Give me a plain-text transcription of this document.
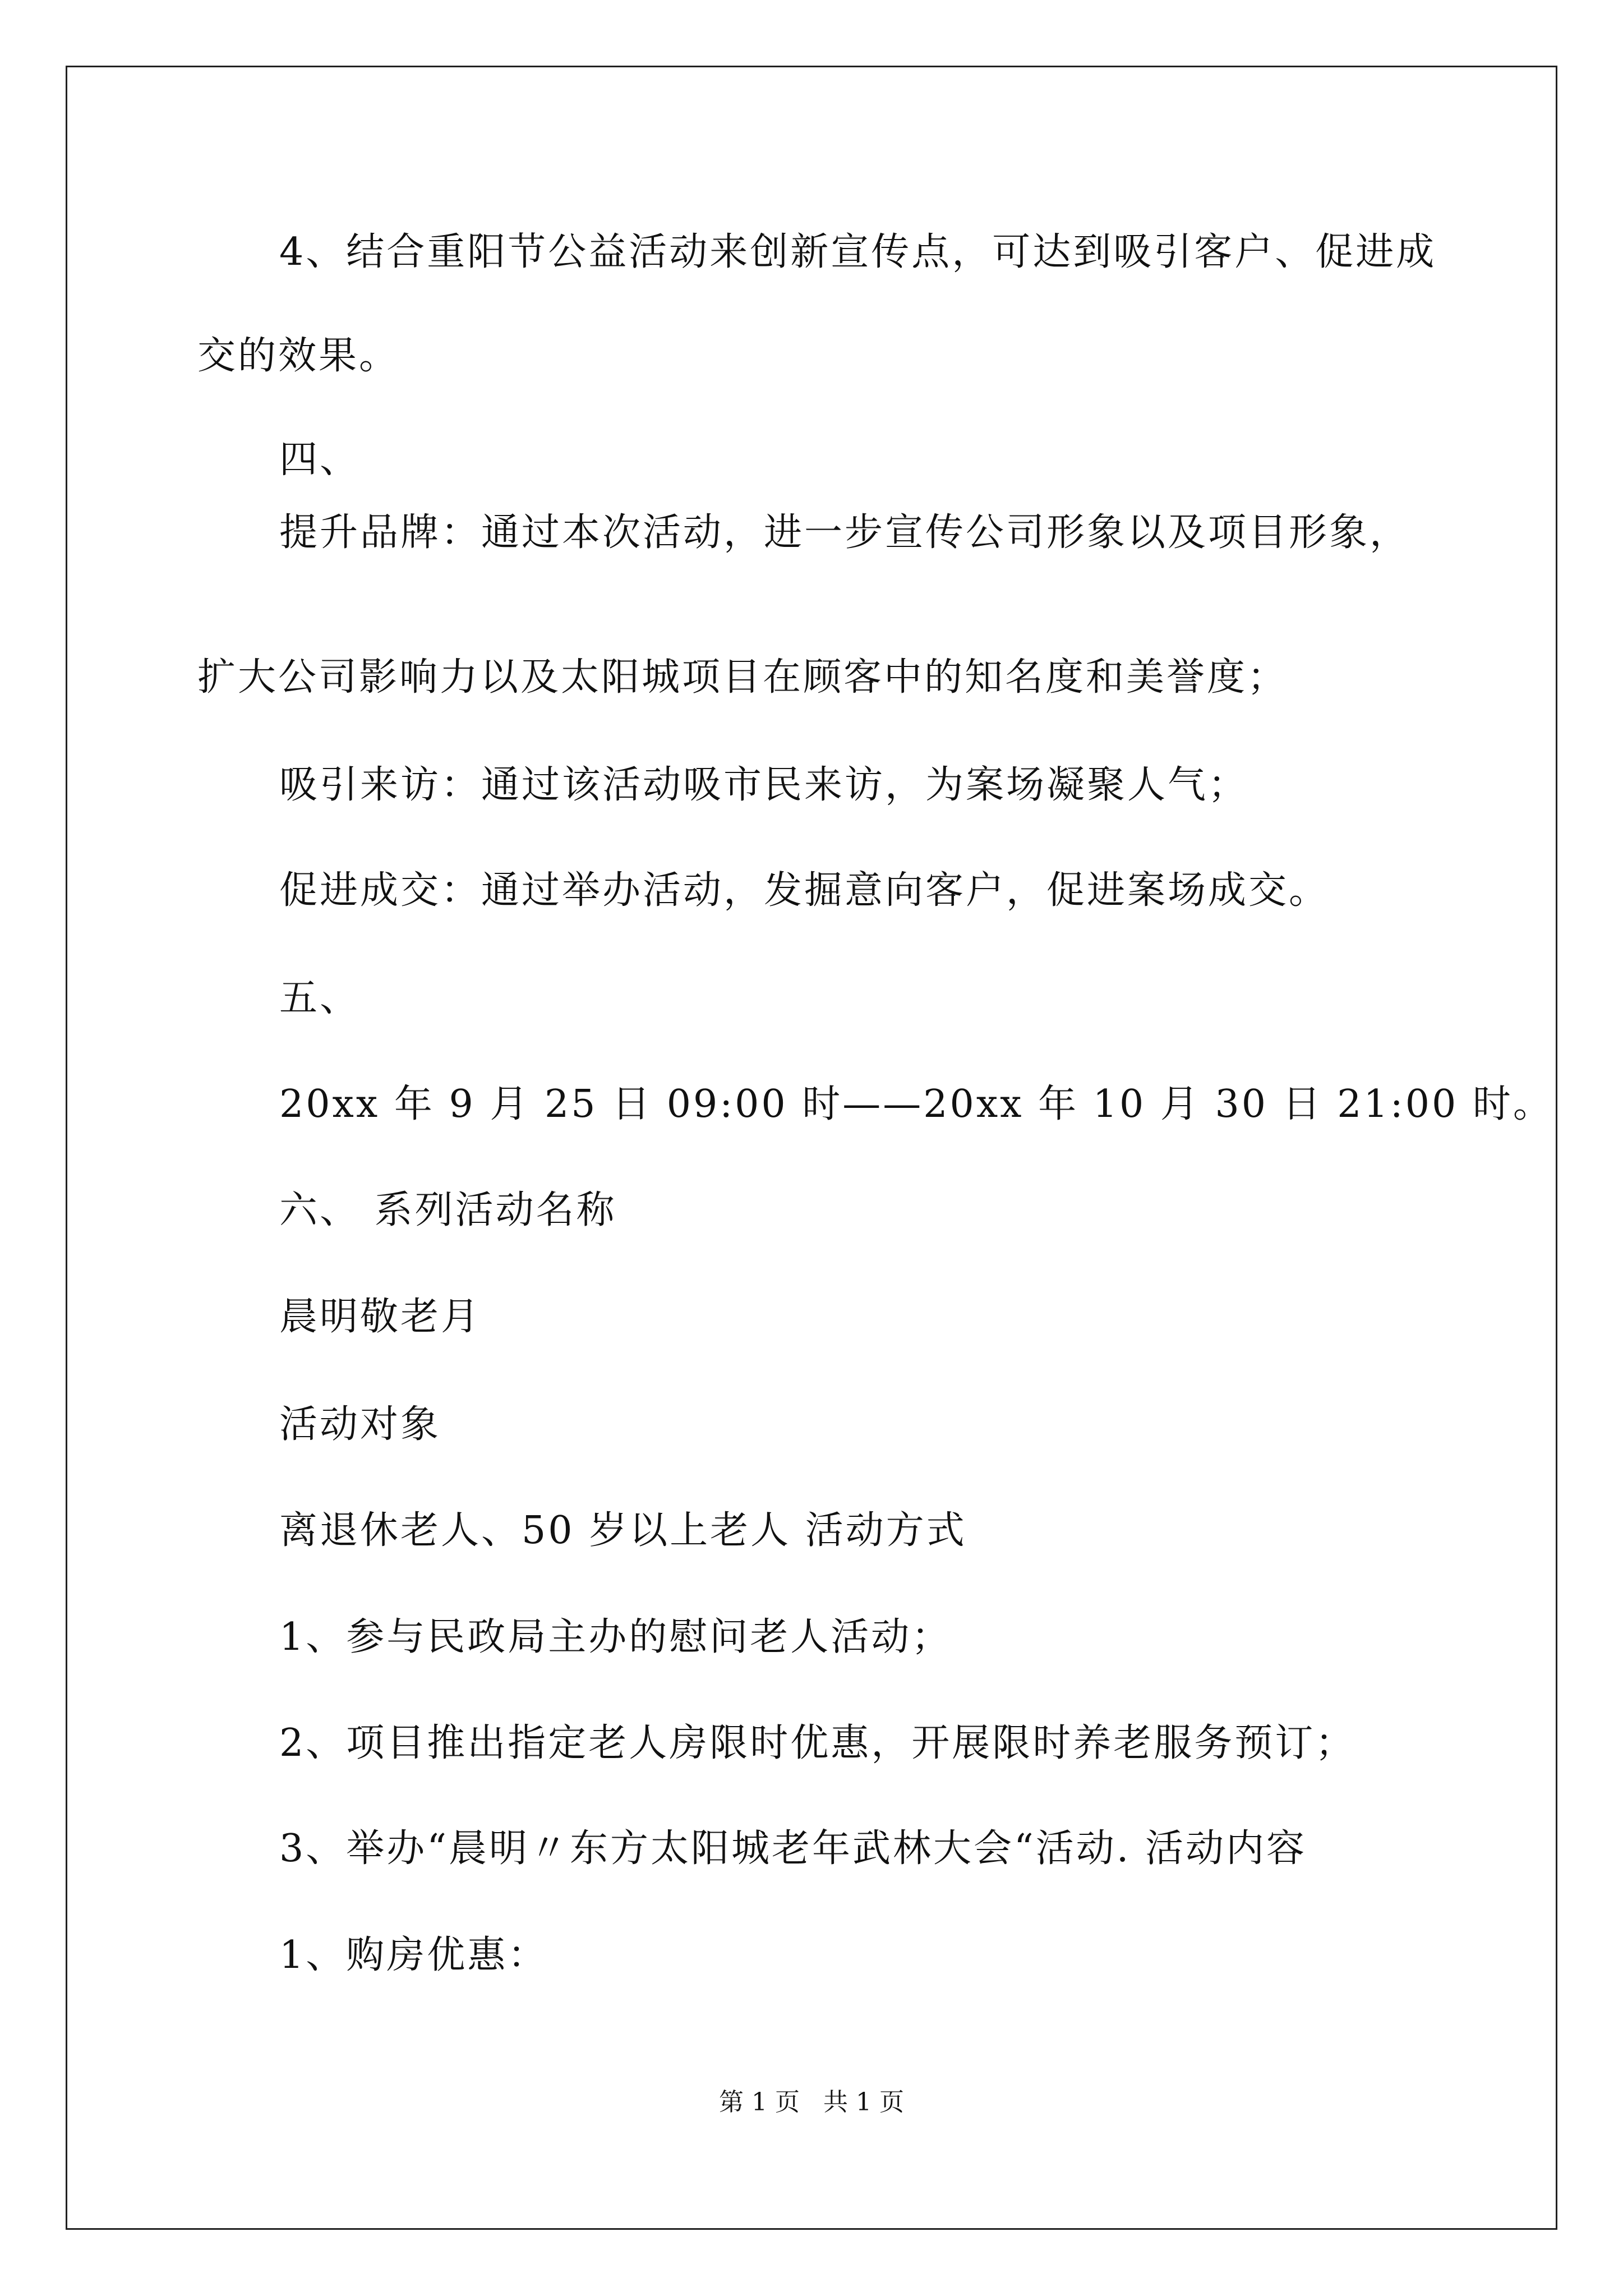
4、结合重阳节公益活动来创新宣传点，可达到吸引客户、促进成
交的效果。
四、
提升品牌：通过本次活动，进一步宣传公司形象以及项目形象，
扩大公司影响力以及太阳城项目在顾客中的知名度和美誉度；
吸引来访：通过该活动吸市民来访，为案场凝聚人气；
促进成交：通过举办活动，发掘意向客户，促进案场成交。
五、
20xx 年 9 月 25 日 09:00 时——20xx 年 10 月 30 日 21:00 时。
六、 系列活动名称
晨明敬老月
活动对象
离退休老人、50 岁以上老人 活动方式
1、参与民政局主办的慰问老人活动；
2、项目推出指定老人房限时优惠，开展限时养老服务预订；
3、举办“晨明〃东方太阳城老年武林大会“活动. 活动内容
1、购房优惠：
第 1 页   共 1 页
